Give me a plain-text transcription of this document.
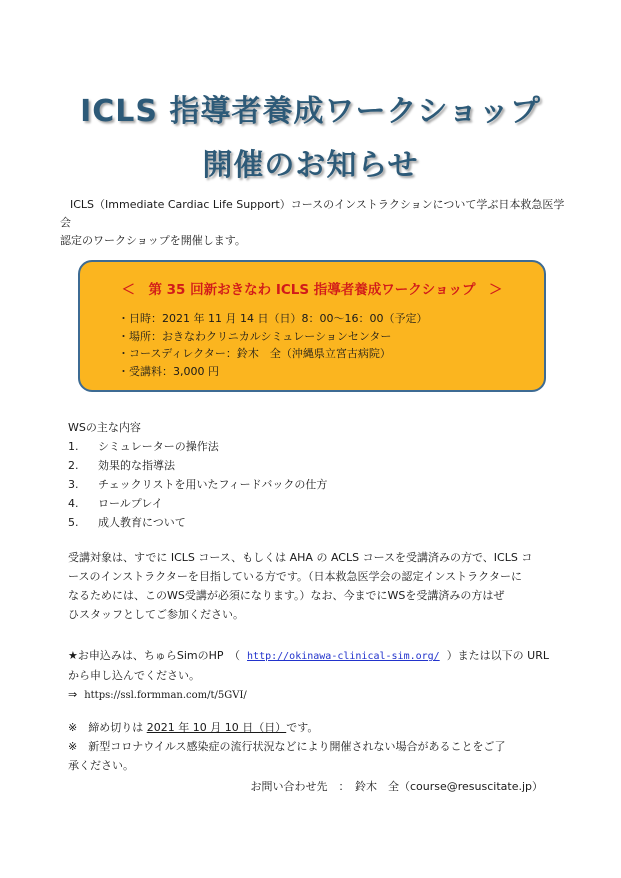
ICLS 指導者養成ワークショップ
開催のお知らせ

ICLS（Immediate Cardiac Life Support）コースのインストラクションについて学ぶ日本救急医学会

認定のワークショップを開催します。

＜　第 35 回新おきなわ ICLS 指導者養成ワークショップ　＞
・日時：2021 年 11 月 14 日（日）8：00～16：00（予定）
・場所：おきなわクリニカルシミュレーションセンター
・コースディレクター：鈴木　全（沖縄県立宮古病院）
・受講料：3,000 円
WSの主な内容
1.	シミュレーターの操作法
2.	効果的な指導法
3.	チェックリストを用いたフィードバックの仕方
4.	ロールプレイ
5.	成人教育について

受講対象は、すでに ICLS コース、もしくは AHA の ACLS コースを受講済みの方で、ICLS コ

ースのインストラクターを目指している方です。（日本救急医学会の認定インストラクターに

なるためには、このWS受講が必須になります。）なお、今までにWSを受講済みの方はぜ

ひスタッフとしてご参加ください。

★お申込みは、ちゅらSimのHP　（ http://okinawa-clinical-sim.org/ ）または以下の URL

から申し込んでください。

⇒ https://ssl.formman.com/t/5GVI/

※　締め切りは 2021 年 10 月 10 日（日）です。

※　新型コロナウイルス感染症の流行状況などにより開催されない場合があることをご了

承ください。

お問い合わせ先　：　鈴木　全（course@resuscitate.jp）
